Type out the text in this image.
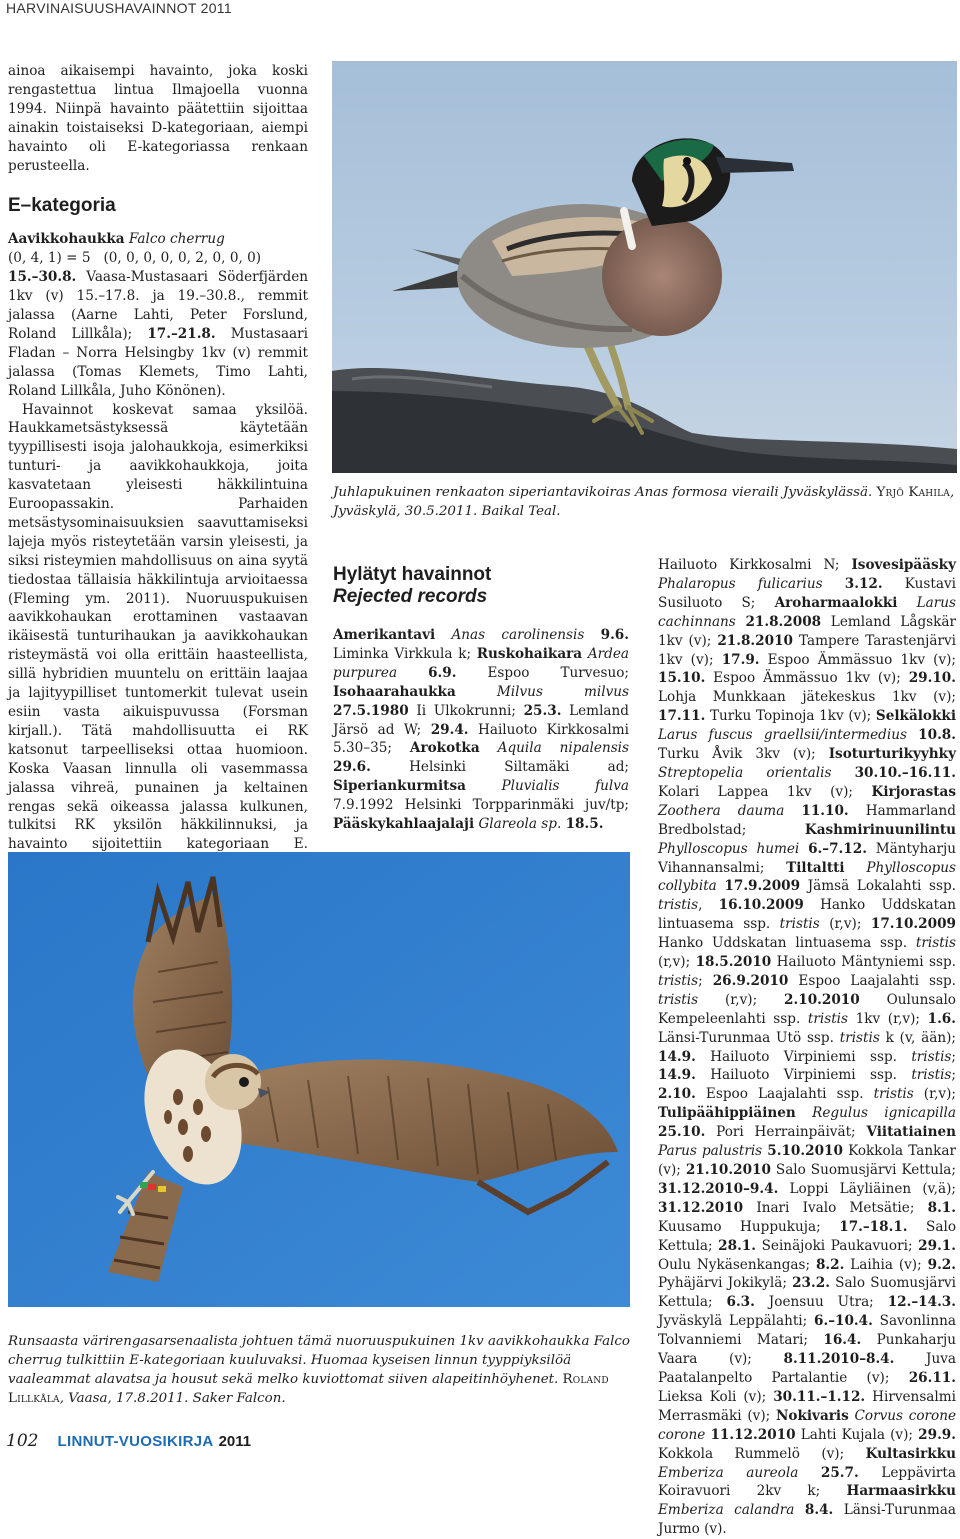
HARVINAISUUSHAVAINNOT 2011

ainoa aikaisempi havainto, joka koski rengastettua lintua Ilmajoella vuonna 1994. Niinpä havainto päätettiin sijoittaa ainakin toistaiseksi D-kategoriaan, aiempi havainto oli E-kategoriassa renkaan perusteella.

E–kategoria

Aavikkohaukka Falco cherrug

(0, 4, 1) = 5   (0, 0, 0, 0, 0, 2, 0, 0, 0)

15.–30.8. Vaasa-Mustasaari Söderfjärden 1kv (v) 15.–17.8. ja 19.–30.8., remmit jalassa (Aarne Lahti, Peter Forslund, Roland Lillkåla); 17.–21.8. Mustasaari Fladan – Norra Helsingby 1kv (v) remmit jalassa (Tomas Klemets, Timo Lahti, Roland Lillkåla, Juho Könönen).

Havainnot koskevat samaa yksilöä. Haukkametsästyksessä käytetään tyypillisesti isoja jalohaukkoja, esimerkiksi tunturi- ja aavikkohaukkoja, joita kasvatetaan yleisesti häkkilintuina Euroopassakin. Parhaiden metsästysominaisuuksien saavuttamiseksi lajeja myös risteytetään varsin yleisesti, ja siksi risteymien mahdollisuus on aina syytä tiedostaa tällaisia häkkilintuja arvioitaessa (Fleming ym. 2011). Nuoruuspukuisen aavikkohaukan erottaminen vastaavan ikäisestä tunturihaukan ja aavikkohaukan risteymästä voi olla erittäin haasteellista, sillä hybridien muuntelu on erittäin laajaa ja lajityypilliset tuntomerkit tulevat usein esiin vasta aikuispuvussa (Forsman kirjall.). Tätä mahdollisuutta ei RK katsonut tarpeelliseksi ottaa huomioon. Koska Vaasan linnulla oli vasemmassa jalassa vihreä, punainen ja keltainen rengas sekä oikeassa jalassa kulkunen, tulkitsi RK yksilön häkkilinnuksi, ja havainto sijoitettiin kategoriaan E.

Juhlapukuinen renkaaton siperiantavikoiras Anas formosa vieraili Jyväskylässä. Yrjö Kahila, Jyväskylä, 30.5.2011. Baikal Teal.
Hylätyt havainnot
Rejected records

Amerikantavi Anas carolinensis 9.6. Liminka Virkkula k; Ruskohaikara Ardea purpurea 6.9. Espoo Turvesuo; Isohaarahaukka	Milvus milvus 27.5.1980 Ii Ulkokrunni; 25.3. Lemland Järsö ad W; 29.4. Hailuoto Kirkkosalmi 5.30–35; Arokotka Aquila nipalensis 29.6. Helsinki Siltamäki ad; Siperiankurmitsa	Pluvialis fulva 7.9.1992 Helsinki Torpparinmäki juv/tp; Pääskykahlaajalaji Glareola sp. 18.5.

Hailuoto Kirkkosalmi N; Isovesipääsky Phalaropus fulicarius 3.12. Kustavi Susiluoto S; Aroharmaalokki Larus cachinnans 21.8.2008 Lemland Lågskär 1kv (v); 21.8.2010 Tampere Tarastenjärvi 1kv (v); 17.9. Espoo Ämmässuo 1kv (v); 15.10. Espoo Ämmässuo 1kv (v); 29.10. Lohja Munkkaan jätekeskus 1kv (v); 17.11. Turku Topinoja 1kv (v); Selkälokki Larus fuscus graellsii/intermedius 10.8. Turku Åvik 3kv (v); Isoturturikyyhky Streptopelia orientalis 30.10.–16.11. Kolari Lappea 1kv (v); Kirjorastas Zoothera dauma 11.10. Hammarland Bredbolstad; Kashmirinuunilintu Phylloscopus humei 6.–7.12. Mäntyharju Vihannansalmi; Tiltaltti Phylloscopus collybita 17.9.2009 Jämsä Lokalahti ssp. tristis, 16.10.2009 Hanko Uddskatan lintuasema ssp. tristis (r,v); 17.10.2009 Hanko Uddskatan lintuasema ssp. tristis (r,v); 18.5.2010 Hailuoto Mäntyniemi ssp. tristis; 26.9.2010 Espoo Laajalahti ssp. tristis (r,v); 2.10.2010 Oulunsalo Kempeleenlahti ssp. tristis 1kv (r,v); 1.6. Länsi-Turunmaa Utö ssp. tristis k (v, ään); 14.9. Hailuoto Virpiniemi ssp. tristis; 14.9. Hailuoto Virpiniemi ssp. tristis; 2.10. Espoo Laajalahti ssp. tristis (r,v); Tulipäähippiäinen Regulus ignicapilla 25.10. Pori Herrainpäivät; Viitatiainen Parus palustris 5.10.2010 Kokkola Tankar (v); 21.10.2010 Salo Suomusjärvi Kettula; 31.12.2010–9.4. Loppi Läyliäinen (v,ä); 31.12.2010 Inari Ivalo Metsätie; 8.1. Kuusamo Huppukuja; 17.–18.1. Salo Kettula; 28.1. Seinäjoki Paukavuori; 29.1. Oulu Nykäsenkangas; 8.2. Laihia (v); 9.2. Pyhäjärvi Jokikylä; 23.2. Salo Suomusjärvi Kettula; 6.3. Joensuu Utra; 12.–14.3. Jyväskylä Leppälahti; 6.–10.4. Savonlinna Tolvanniemi Matari; 16.4. Punkaharju Vaara (v); 8.11.2010–8.4. Juva Paatalanpelto Partalantie (v); 26.11. Lieksa Koli (v); 30.11.–1.12. Hirvensalmi Merrasmäki (v); Nokivaris Corvus corone corone 11.12.2010 Lahti Kujala (v); 29.9. Kokkola Rummelö (v); Kultasirkku Emberiza aureola 25.7. Leppävirta Koiravuori 2kv k; Harmaasirkku Emberiza calandra 8.4. Länsi-Turunmaa Jurmo (v).
Runsaasta värirengasarsenaalista johtuen tämä nuoruuspukuinen 1kv aavikkohaukka Falco cherrug tulkittiin E-kategoriaan kuuluvaksi. Huomaa kyseisen linnun tyyppiyksilöä vaaleammat alavatsa ja housut sekä melko kuviottomat siiven alapeitinhöyhenet. Roland Lillkåla, Vaasa, 17.8.2011. Saker Falcon.
102 LINNUT-VUOSIKIRJA 2011
